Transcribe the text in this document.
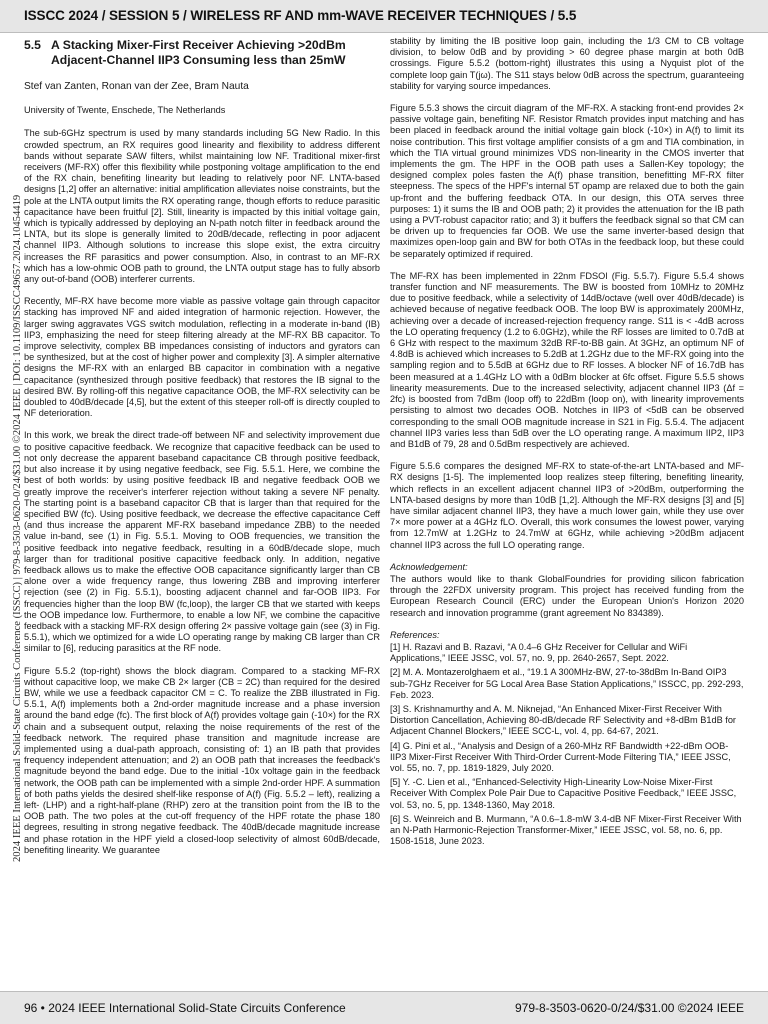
ISSCC 2024 / SESSION 5 / WIRELESS RF AND mm-WAVE RECEIVER TECHNIQUES / 5.5
2024 IEEE International Solid-State Circuits Conference (ISSCC) | 979-8-3503-0620-0/24/$31.00 ©2024 IEEE | DOI: 10.1109/ISSCC49657.2024.10454419
5.5 A Stacking Mixer-First Receiver Achieving >20dBm Adjacent-Channel IIP3 Consuming less than 25mW
Stef van Zanten, Ronan van der Zee, Bram Nauta
University of Twente, Enschede, The Netherlands

The sub-6GHz spectrum is used by many standards including 5G New Radio. In this crowded spectrum, an RX requires good linearity and flexibility to address different bands without separate SAW filters, whilst maintaining low NF. Traditional mixer-first receivers (MF-RX) offer this flexibility while postponing voltage amplification to the end of the RX chain, benefiting linearity but leading to relatively poor NF. LNTA-based designs [1,2] offer an alternative: initial amplification alleviates noise constraints, but the pole at the LNTA output limits the RX operating range, though efforts to reduce parasitic capacitance have been fruitful [2]. Still, linearity is impacted by this initial voltage gain, which is typically addressed by deploying an N-path notch filter in feedback around the LNTA, but its slope is generally limited to 20dB/decade, reflecting in poor adjacent channel IIP3. Although solutions to increase this slope exist, the extra circuitry increases the RF parasitics and power consumption. Also, in contrast to an MF-RX which has a low-ohmic OOB path to ground, the LNTA output stage has to fully absorb any out-of-band (OOB) interferer currents.

Recently, MF-RX have become more viable as passive voltage gain through capacitor stacking has improved NF and aided integration of harmonic rejection. However, the larger swing aggravates VGS switch modulation, reflecting in a moderate in-band (IB) IIP3, emphasizing the need for steep filtering already at the MF-RX BB capacitor. To improve selectivity, complex BB impedances consisting of inductors and gyrators can be synthesized, but at the cost of higher power and complexity [3]. A simpler alternative designs the MF-RX with an enlarged BB capacitor in combination with a negative capacitance (synthesized through positive feedback) that restores the IB signal to the desired BW. By rolling-off this negative capacitance OOB, the MF-RX selectivity can be doubled to 40dB/decade [4,5], but the extent of this steeper roll-off is directly coupled to NF deterioration.

In this work, we break the direct trade-off between NF and selectivity improvement due to positive capacitive feedback. We recognize that capacitive feedback can be used to not only decrease the apparent baseband capacitance CB through positive feedback, but also increase it by using negative feedback, see Fig. 5.5.1. Here, we combine the best of both worlds: by using positive feedback IB and negative feedback OOB we greatly improve the receiver's interferer rejection without taking a severe NF penalty. The starting point is a baseband capacitor CB that is larger than that required for the specified BW (fc). Using positive feedback, we decrease the effective capacitance Ceff (and thus increase the apparent MF-RX baseband impedance ZBB) to the needed value in-band, see (1) in Fig. 5.5.1. Moving to OOB frequencies, we transition the positive feedback into negative feedback, resulting in a 60dB/decade slope, much larger than for traditional positive capacitive feedback only. In addition, negative feedback allows us to make the effective OOB capacitance significantly larger than CB alone over a wide frequency range, thus lowering ZBB and improving interferer rejection (see (2) in Fig. 5.5.1), boosting adjacent channel and far-OOB IIP3. For frequencies higher than the loop BW (fc,loop), the larger CB that we started with keeps the OOB impedance low. Furthermore, to enable a low NF, we combine the capacitive feedback with a stacking MF-RX design offering 2× passive voltage gain (see (3) in Fig. 5.5.1), which we optimized for a wide LO operating range by making CB larger than CR similar to [6], reducing parasitics at the RF node.

Figure 5.5.2 (top-right) shows the block diagram. Compared to a stacking MF-RX without capacitive loop, we make CB 2× larger (CB = 2C) than required for the desired BW, while we use a feedback capacitor CM = C. To realize the ZBB illustrated in Fig. 5.5.1, A(f) implements both a 2nd-order magnitude increase and a phase inversion around the band edge (fc). The first block of A(f) provides voltage gain (-10×) for the RX chain and a subsequent output, relaxing the noise requirements of the rest of the feedback network. The required phase transition and magnitude increase are implemented using a dual-path approach, consisting of: 1) an IB path that provides frequency independent attenuation; and 2) an OOB path that increases the feedback's magnitude beyond the band edge. Due to the initial -10x voltage gain in the feedback network, the OOB path can be implemented with a simple 2nd-order HPF. A summation of both paths yields the desired shelf-like response of A(f) (Fig. 5.5.2 – left), realizing a left- (LHP) and a right-half-plane (RHP) zero at the transition point from the IB to the OOB path. The two poles at the cut-off frequency of the HPF rotate the phase 180 degrees, resulting in strong negative feedback. The 40dB/decade magnitude increase and phase rotation in the HPF yield a closed-loop selectivity of almost 60dB/decade, benefiting linearity. We guarantee

stability by limiting the IB positive loop gain, including the 1/3 CM to CB voltage division, to below 0dB and by providing > 60 degree phase margin at both 0dB crossings. Figure 5.5.2 (bottom-right) illustrates this using a Nyquist plot of the complete loop gain T(jω). The S11 stays below 0dB across the spectrum, guaranteeing stability for varying source impedances.

Figure 5.5.3 shows the circuit diagram of the MF-RX. A stacking front-end provides 2× passive voltage gain, benefiting NF. Resistor Rmatch provides input matching and has been placed in feedback around the initial voltage gain block (-10×) in A(f) to limit its noise contribution. This first voltage amplifier consists of a gm and TIA combination, in which the TIA virtual ground minimizes VDS non-linearity in the CMOS inverter that implements the gm. The HPF in the OOB path uses a Sallen-Key topology; the designed complex poles fasten the A(f) phase transition, benefitting MF-RX filter steepness. The specs of the HPF's internal 5T opamp are relaxed due to both the gain up-front and the buffering feedback OTA. In our design, this OTA serves three purposes: 1) it sums the IB and OOB path; 2) it provides the attenuation for the IB path using a PVT-robust capacitor ratio; and 3) it buffers the feedback signal so that CM can be driven up to frequencies far OOB. We use the same inverter-based design that maximizes open-loop gain and BW for both OTAs in the feedback loop, but these could be separately optimized if required.

The MF-RX has been implemented in 22nm FDSOI (Fig. 5.5.7). Figure 5.5.4 shows transfer function and NF measurements. The BW is boosted from 10MHz to 20MHz due to positive feedback, while a selectivity of 14dB/octave (well over 40dB/decade) is achieved because of negative feedback OOB. The loop BW is approximately 200MHz, achieving over a decade of increased-rejection frequency range. S11 is < -4dB across the LO operating frequency (1.2 to 6.0GHz), while the RF losses are limited to 0.7dB at 6 GHz with respect to the maximum 32dB RF-to-BB gain. At 3GHz, an optimum NF of 4.8dB is achieved which increases to 5.2dB at 1.2GHz due to the MF-RX going into the sampling region and to 5.5dB at 6GHz due to RF losses. A blocker NF of 16.7dB has been measured at a 1.4GHz LO with a 0dBm blocker at 6fc offset. Figure 5.5.5 shows linearity measurements. Due to the increased selectivity, adjacent channel IIP3 (Δf = 2fc) is boosted from 7dBm (loop off) to 22dBm (loop on), with linearity improvements persisting to almost two decades OOB. Notches in IIP3 of <5dB can be observed corresponding to the small OOB magnitude increase in S21 in Fig. 5.5.4. The adjacent channel IIP3 varies less than 5dB over the LO operating range. A maximum IIP2, IIP3 and B1dB of 79, 28 and 0.5dBm respectively are achieved.

Figure 5.5.6 compares the designed MF-RX to state-of-the-art LNTA-based and MF-RX designs [1-5]. The implemented loop realizes steep filtering, benefiting linearity, which reflects in an excellent adjacent channel IIP3 of >20dBm, outperforming the LNTA-based designs by more than 10dB [1,2]. Although the MF-RX designs [3] and [5] have similar adjacent channel IIP3, they have a much lower gain, while they use over 7× more power at a 4GHz fLO. Overall, this work consumes the lowest power, varying from 12.7mW at 1.2GHz to 24.7mW at 6GHz, while achieving >20dBm adjacent channel IIP3 across the full LO operating range.

Acknowledgement:

The authors would like to thank GlobalFoundries for providing silicon fabrication through the 22FDX university program. This project has received funding from the European Research Council (ERC) under the European Union's Horizon 2020 research and innovation programme (grant agreement No 834389).

References:
[1] H. Razavi and B. Razavi, “A 0.4–6 GHz Receiver for Cellular and WiFi Applications,” IEEE JSSC, vol. 57, no. 9, pp. 2640-2657, Sept. 2022.
[2] M. A. Montazerolghaem et al., “19.1 A 300MHz-BW, 27-to-38dBm In-Band OIP3 sub-7GHz Receiver for 5G Local Area Base Station Applications,” ISSCC, pp. 292-293, Feb. 2023.
[3] S. Krishnamurthy and A. M. Niknejad, “An Enhanced Mixer-First Receiver With Distortion Cancellation, Achieving 80-dB/decade RF Selectivity and +8-dBm B1dB for Adjacent Channel Blockers,” IEEE SCC-L, vol. 4, pp. 64-67, 2021.
[4] G. Pini et al., “Analysis and Design of a 260-MHz RF Bandwidth +22-dBm OOB-IIP3 Mixer-First Receiver With Third-Order Current-Mode Filtering TIA,” IEEE JSSC, vol. 55, no. 7, pp. 1819-1829, July 2020.
[5] Y. -C. Lien et al., “Enhanced-Selectivity High-Linearity Low-Noise Mixer-First Receiver With Complex Pole Pair Due to Capacitive Positive Feedback,” IEEE JSSC, vol. 53, no. 5, pp. 1348-1360, May 2018.
[6] S. Weinreich and B. Murmann, “A 0.6–1.8-mW 3.4-dB NF Mixer-First Receiver With an N-Path Harmonic-Rejection Transformer-Mixer,” IEEE JSSC, vol. 58, no. 6, pp. 1508-1518, June 2023.
96 • 2024 IEEE International Solid-State Circuits Conference	979-8-3503-0620-0/24/$31.00 ©2024 IEEE
